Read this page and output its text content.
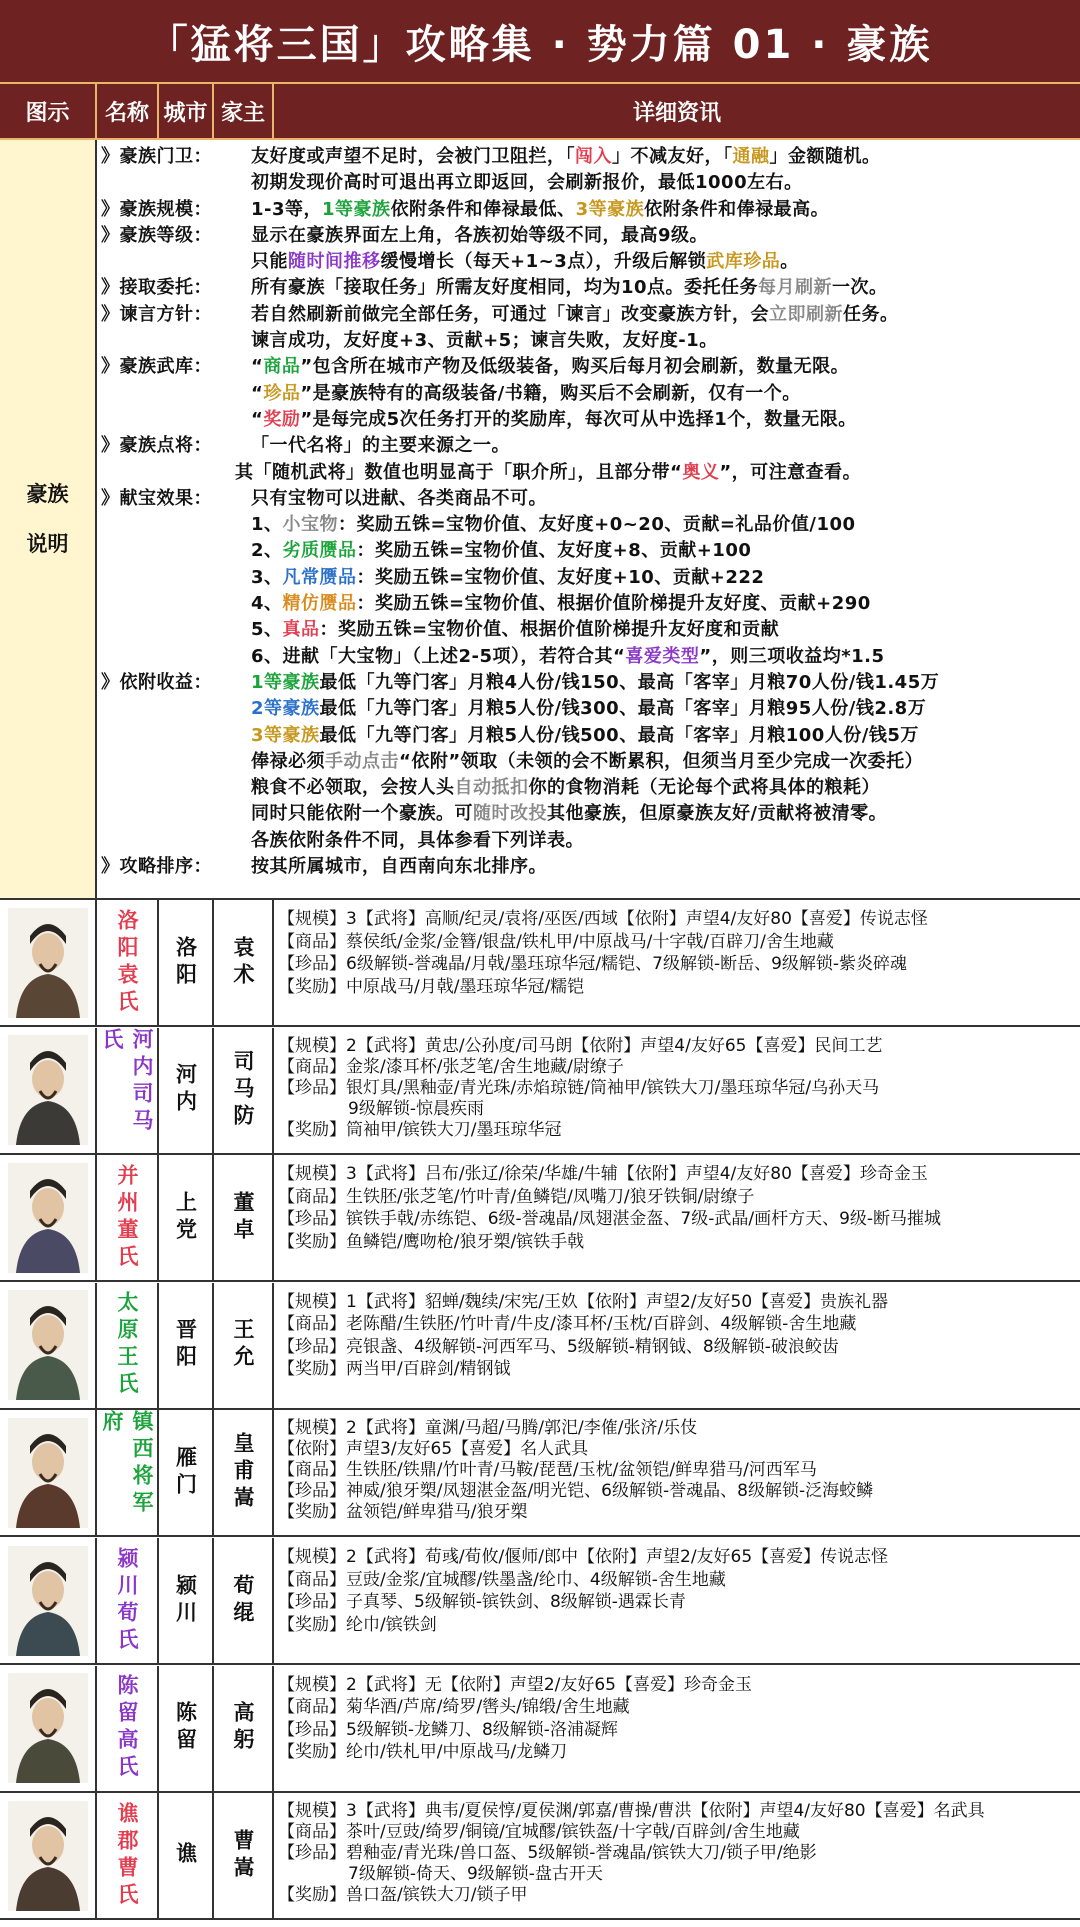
「猛将三国」攻略集 · 势力篇 01 · 豪族
图示	名称 城市 家主	详细资讯
豪族
说明
》豪族门卫： 友好度或声望不足时，会被门卫阻拦，「闯入」不减友好，「通融」金额随机。
初期发现价高时可退出再立即返回，会刷新报价，最低1000左右。
》豪族规模： 1-3等，1等豪族依附条件和俸禄最低、3等豪族依附条件和俸禄最高。
》豪族等级： 显示在豪族界面左上角，各族初始等级不同，最高9级。
只能随时间推移缓慢增长（每天+1~3点），升级后解锁武库珍品。
》接取委托： 所有豪族「接取任务」所需友好度相同，均为10点。委托任务每月刷新一次。
》谏言方针： 若自然刷新前做完全部任务，可通过「谏言」改变豪族方针，会立即刷新任务。
谏言成功，友好度+3、贡献+5；谏言失败，友好度-1。
》豪族武库： “商品”包含所在城市产物及低级装备，购买后每月初会刷新，数量无限。
“珍品”是豪族特有的高级装备/书籍，购买后不会刷新，仅有一个。
“奖励”是每完成5次任务打开的奖励库，每次可从中选择1个，数量无限。
》豪族点将： 「一代名将」的主要来源之一。
其「随机武将」数值也明显高于「职介所」，且部分带“奥义”，可注意查看。
》献宝效果： 只有宝物可以进献、各类商品不可。
1、小宝物：奖励五铢=宝物价值、友好度+0~20、贡献=礼品价值/100
2、劣质赝品：奖励五铢=宝物价值、友好度+8、贡献+100
3、凡常赝品：奖励五铢=宝物价值、友好度+10、贡献+222
4、精仿赝品：奖励五铢=宝物价值、根据价值阶梯提升友好度、贡献+290
5、真品：奖励五铢=宝物价值、根据价值阶梯提升友好度和贡献
6、进献「大宝物」（上述2-5项），若符合其“喜爱类型”，则三项收益均*1.5
》依附收益： 1等豪族最低「九等门客」月粮4人份/钱150、最高「客宰」月粮70人份/钱1.45万
2等豪族最低「九等门客」月粮5人份/钱300、最高「客宰」月粮95人份/钱2.8万
3等豪族最低「九等门客」月粮5人份/钱500、最高「客宰」月粮100人份/钱5万
俸禄必须手动点击“依附”领取（未领的会不断累积，但须当月至少完成一次委托）
粮食不必领取，会按人头自动抵扣你的食物消耗（无论每个武将具体的粮耗）
同时只能依附一个豪族。可随时改投其他豪族，但原豪族友好/贡献将被清零。
各族依附条件不同，具体参看下列详表。
》攻略排序： 按其所属城市，自西南向东北排序。
洛阳袁氏 洛阳 袁术
【规模】3【武将】高顺/纪灵/袁将/巫医/西域【依附】声望4/友好80【喜爱】传说志怪
【商品】蔡侯纸/金浆/金簪/银盘/铁札甲/中原战马/十字戟/百辟刀/舍生地藏
【珍品】6级解锁-誉魂晶/月戟/墨珏琼华冠/糯铠、7级解锁-断岳、9级解锁-紫炎碎魂
【奖励】中原战马/月戟/墨珏琼华冠/糯铠
河内司马氏
河内 司马防
【规模】2【武将】黄忠/公孙度/司马朗【依附】声望4/友好65【喜爱】民间工艺
【商品】金浆/漆耳杯/张芝笔/舍生地藏/尉缭子
【珍品】银灯具/黑釉壶/青光珠/赤焰琼链/筒袖甲/镔铁大刀/墨珏琼华冠/乌孙天马
9级解锁-惊晨疾雨
【奖励】筒袖甲/镔铁大刀/墨珏琼华冠
并州董氏 上党 董卓
【规模】3【武将】吕布/张辽/徐荣/华雄/牛辅【依附】声望4/友好80【喜爱】珍奇金玉
【商品】生铁胚/张芝笔/竹叶青/鱼鳞铠/凤嘴刀/狼牙铁铜/尉缭子
【珍品】镔铁手戟/赤练铠、6级-誉魂晶/凤翅湛金盔、7级-武晶/画杆方天、9级-断马摧城
【奖励】鱼鳞铠/鹰吻枪/狼牙槊/镔铁手戟
太原王氏 晋阳 王允
【规模】1【武将】貂蝉/魏续/宋宪/王奺【依附】声望2/友好50【喜爱】贵族礼器
【商品】老陈醋/生铁胚/竹叶青/牛皮/漆耳杯/玉枕/百辟剑、4级解锁-舍生地藏
【珍品】亮银盏、4级解锁-河西军马、5级解锁-精钢钺、8级解锁-破浪鲛齿
【奖励】两当甲/百辟剑/精钢钺
镇西将军府
雁门 皇甫嵩
【规模】2【武将】童渊/马超/马腾/郭汜/李傕/张济/乐伎
【依附】声望3/友好65【喜爱】名人武具
【商品】生铁胚/铁鼎/竹叶青/马鞍/琵琶/玉枕/盆领铠/鲜卑猎马/河西军马
【珍品】神威/狼牙槊/凤翅湛金盔/明光铠、6级解锁-誉魂晶、8级解锁-泛海蛟鳞
【奖励】盆领铠/鲜卑猎马/狼牙槊
颍川荀氏 颍川 荀绲
【规模】2【武将】荀彧/荀攸/偃师/郎中【依附】声望2/友好65【喜爱】传说志怪
【商品】豆豉/金浆/宜城醪/铁墨盏/纶巾、4级解锁-舍生地藏
【珍品】子真琴、5级解锁-镔铁剑、8级解锁-遇霖长青
【奖励】纶巾/镔铁剑
陈留高氏 陈留 高躬
【规模】2【武将】无【依附】声望2/友好65【喜爱】珍奇金玉
【商品】菊华酒/芦席/绮罗/辔头/锦缎/舍生地藏
【珍品】5级解锁-龙鳞刀、8级解锁-洛浦凝辉
【奖励】纶巾/铁札甲/中原战马/龙鳞刀
谯郡曹氏 谯 曹嵩
【规模】3【武将】典韦/夏侯惇/夏侯渊/郭嘉/曹操/曹洪【依附】声望4/友好80【喜爱】名武具
【商品】茶叶/豆豉/绮罗/铜镜/宜城醪/镔铁盔/十字戟/百辟剑/舍生地藏
【珍品】碧釉壶/青光珠/兽口盔、5级解锁-誉魂晶/镔铁大刀/锁子甲/绝影
7级解锁-倚天、9级解锁-盘古开天
【奖励】兽口盔/镔铁大刀/锁子甲
